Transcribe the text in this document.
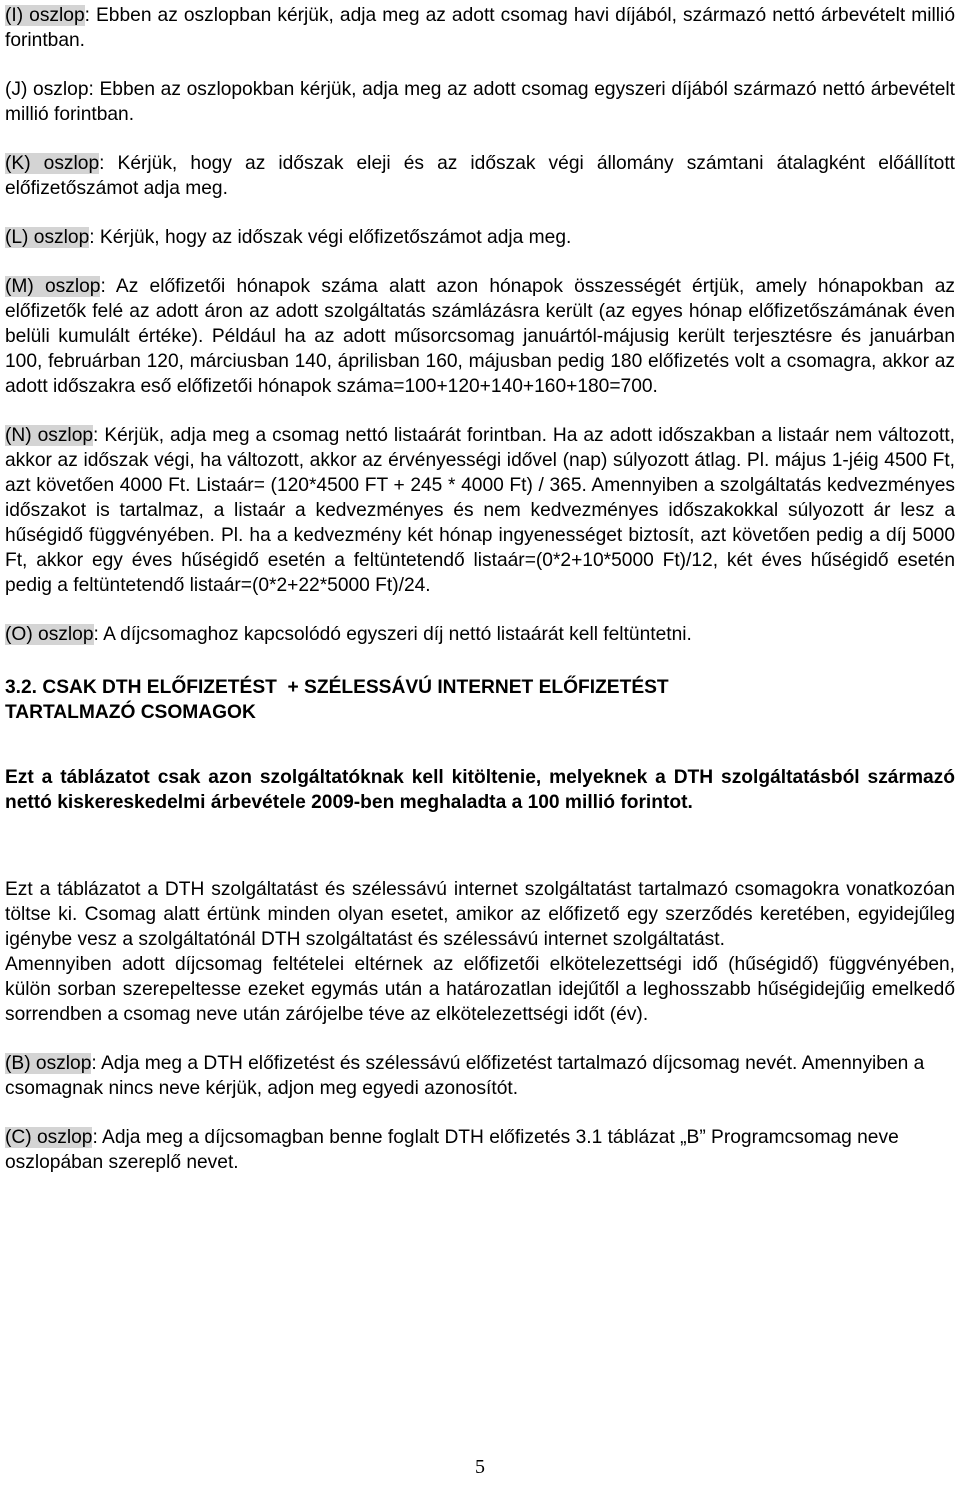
(I) oszlop: Ebben az oszlopban kérjük, adja meg az adott csomag havi díjából, származó nettó árbevételt millió forintban.

(J) oszlop: Ebben az oszlopokban kérjük, adja meg az adott csomag egyszeri díjából származó nettó árbevételt millió forintban.

(K) oszlop: Kérjük, hogy az időszak eleji és az időszak végi állomány számtani átalagként előállított előfizetőszámot adja meg.

(L) oszlop: Kérjük, hogy az időszak végi előfizetőszámot adja meg.

(M) oszlop: Az előfizetői hónapok száma alatt azon hónapok összességét értjük, amely hónapokban az előfizetők felé az adott áron az adott szolgáltatás számlázásra került (az egyes hónap előfizetőszámának éven belüli kumulált értéke). Például ha az adott műsorcsomag januártól-májusig került terjesztésre és januárban 100, februárban 120, márciusban 140, áprilisban 160, májusban pedig 180 előfizetés volt a csomagra, akkor az adott időszakra eső előfizetői hónapok száma=100+120+140+160+180=700.

(N) oszlop: Kérjük, adja meg a csomag nettó listaárát forintban. Ha az adott időszakban a listaár nem változott, akkor az időszak végi, ha változott, akkor az érvényességi idővel (nap) súlyozott átlag. Pl. május 1-jéig 4500 Ft, azt követően 4000 Ft. Listaár= (120*4500 FT + 245 * 4000 Ft) / 365. Amennyiben a szolgáltatás kedvezményes időszakot is tartalmaz, a listaár a kedvezményes és nem kedvezményes időszakokkal súlyozott ár lesz a hűségidő függvényében. Pl. ha a kedvezmény két hónap ingyenességet biztosít, azt követően pedig a díj 5000 Ft, akkor egy éves hűségidő esetén a feltüntetendő listaár=(0*2+10*5000 Ft)/12, két éves hűségidő esetén pedig a feltüntetendő listaár=(0*2+22*5000 Ft)/24.

(O) oszlop: A díjcsomaghoz kapcsolódó egyszeri díj nettó listaárát kell feltüntetni.

3.2. CSAK DTH ELŐFIZETÉST  + SZÉLESSÁVÚ INTERNET ELŐFIZETÉST
TARTALMAZÓ CSOMAGOK

Ezt a táblázatot csak azon szolgáltatóknak kell kitöltenie, melyeknek a DTH szolgáltatásból származó nettó kiskereskedelmi árbevétele 2009-ben meghaladta a 100 millió forintot.

Ezt a táblázatot a DTH szolgáltatást és szélessávú internet szolgáltatást tartalmazó csomagokra vonatkozóan töltse ki. Csomag alatt értünk minden olyan esetet, amikor az előfizető egy szerződés keretében, egyidejűleg igénybe vesz a szolgáltatónál DTH szolgáltatást és szélessávú internet szolgáltatást.

Amennyiben adott díjcsomag feltételei eltérnek az előfizetői elkötelezettségi idő (hűségidő) függvényében, külön sorban szerepeltesse ezeket egymás után a határozatlan idejűtől a leghosszabb hűségidejűig emelkedő sorrendben a csomag neve után zárójelbe téve az elkötelezettségi időt (év).

(B) oszlop: Adja meg a DTH előfizetést és szélessávú előfizetést tartalmazó díjcsomag nevét. Amennyiben a csomagnak nincs neve kérjük, adjon meg egyedi azonosítót.

(C) oszlop: Adja meg a díjcsomagban benne foglalt DTH előfizetés 3.1 táblázat „B” Programcsomag neve oszlopában szereplő nevet.

5
